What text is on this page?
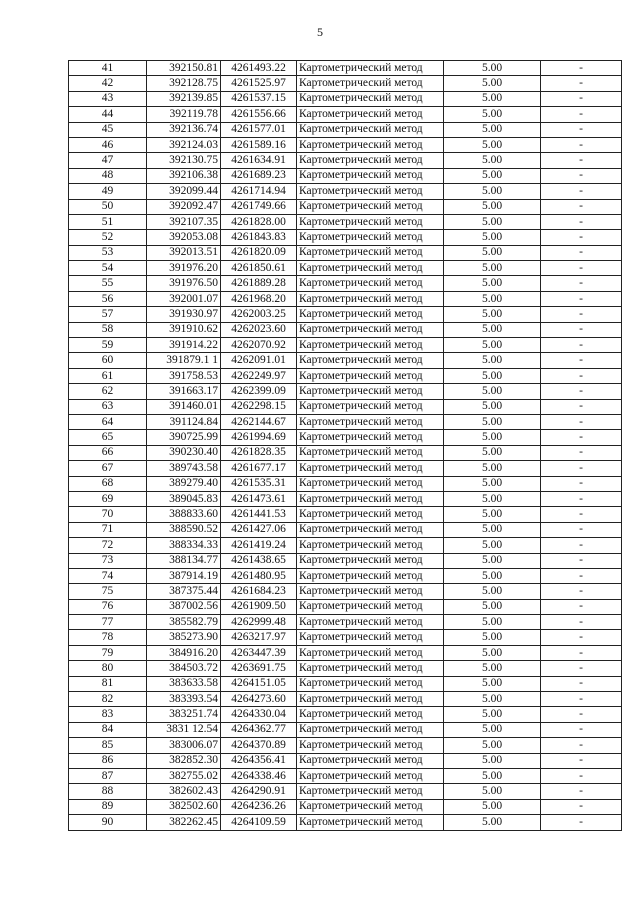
5
41	392150.81	4261493.22	Картометрический метод	5.00	-
42	392128.75	4261525.97	Картометрический метод	5.00	-
43	392139.85	4261537.15	Картометрический метод	5.00	-
44	392119.78	4261556.66	Картометрический метод	5.00	-
45	392136.74	4261577.01	Картометрический метод	5.00	-
46	392124.03	4261589.16	Картометрический метод	5.00	-
47	392130.75	4261634.91	Картометрический метод	5.00	-
48	392106.38	4261689.23	Картометрический метод	5.00	-
49	392099.44	4261714.94	Картометрический метод	5.00	-
50	392092.47	4261749.66	Картометрический метод	5.00	-
51	392107.35	4261828.00	Картометрический метод	5.00	-
52	392053.08	4261843.83	Картометрический метод	5.00	-
53	392013.51	4261820.09	Картометрический метод	5.00	-
54	391976.20	4261850.61	Картометрический метод	5.00	-
55	391976.50	4261889.28	Картометрический метод	5.00	-
56	392001.07	4261968.20	Картометрический метод	5.00	-
57	391930.97	4262003.25	Картометрический метод	5.00	-
58	391910.62	4262023.60	Картометрический метод	5.00	-
59	391914.22	4262070.92	Картометрический метод	5.00	-
60	391879.1 1	4262091.01	Картометрический метод	5.00	-
61	391758.53	4262249.97	Картометрический метод	5.00	-
62	391663.17	4262399.09	Картометрический метод	5.00	-
63	391460.01	4262298.15	Картометрический метод	5.00	-
64	391124.84	4262144.67	Картометрический метод	5.00	-
65	390725.99	4261994.69	Картометрический метод	5.00	-
66	390230.40	4261828.35	Картометрический метод	5.00	-
67	389743.58	4261677.17	Картометрический метод	5.00	-
68	389279.40	4261535.31	Картометрический метод	5.00	-
69	389045.83	4261473.61	Картометрический метод	5.00	-
70	388833.60	4261441.53	Картометрический метод	5.00	-
71	388590.52	4261427.06	Картометрический метод	5.00	-
72	388334.33	4261419.24	Картометрический метод	5.00	-
73	388134.77	4261438.65	Картометрический метод	5.00	-
74	387914.19	4261480.95	Картометрический метод	5.00	-
75	387375.44	4261684.23	Картометрический метод	5.00	-
76	387002.56	4261909.50	Картометрический метод	5.00	-
77	385582.79	4262999.48	Картометрический метод	5.00	-
78	385273.90	4263217.97	Картометрический метод	5.00	-
79	384916.20	4263447.39	Картометрический метод	5.00	-
80	384503.72	4263691.75	Картометрический метод	5.00	-
81	383633.58	4264151.05	Картометрический метод	5.00	-
82	383393.54	4264273.60	Картометрический метод	5.00	-
83	383251.74	4264330.04	Картометрический метод	5.00	-
84	3831 12.54	4264362.77	Картометрический метод	5.00	-
85	383006.07	4264370.89	Картометрический метод	5.00	-
86	382852.30	4264356.41	Картометрический метод	5.00	-
87	382755.02	4264338.46	Картометрический метод	5.00	-
88	382602.43	4264290.91	Картометрический метод	5.00	-
89	382502.60	4264236.26	Картометрический метод	5.00	-
90	382262.45	4264109.59	Картометрический метод	5.00	-
